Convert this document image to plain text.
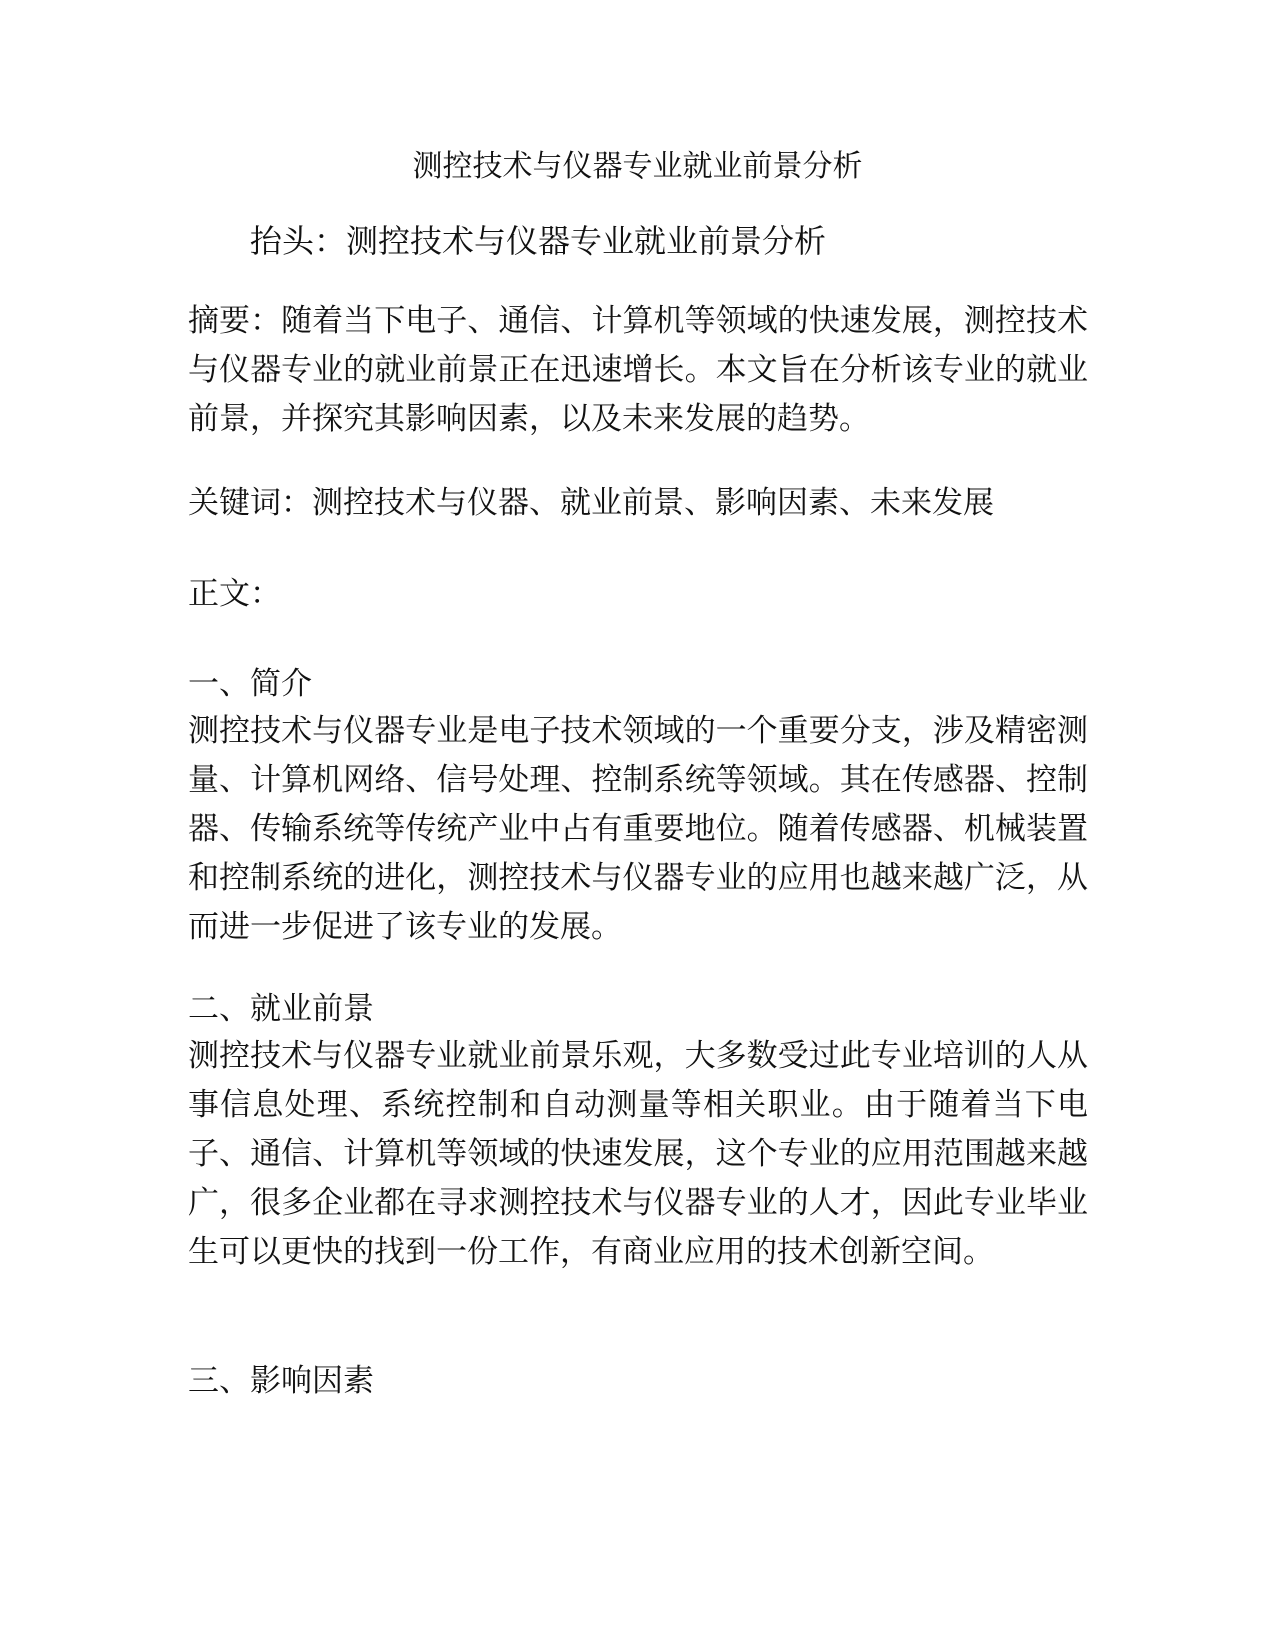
测控技术与仪器专业就业前景分析

抬头：测控技术与仪器专业就业前景分析

摘要：随着当下电子、通信、计算机等领域的快速发展，测控技术与仪器专业的就业前景正在迅速增长。本文旨在分析该专业的就业前景，并探究其影响因素，以及未来发展的趋势。

关键词：测控技术与仪器、就业前景、影响因素、未来发展

正文：

一、简介

测控技术与仪器专业是电子技术领域的一个重要分支，涉及精密测量、计算机网络、信号处理、控制系统等领域。其在传感器、控制器、传输系统等传统产业中占有重要地位。随着传感器、机械装置和控制系统的进化，测控技术与仪器专业的应用也越来越广泛，从而进一步促进了该专业的发展。

二、就业前景

测控技术与仪器专业就业前景乐观，大多数受过此专业培训的人从事信息处理、系统控制和自动测量等相关职业。由于随着当下电子、通信、计算机等领域的快速发展，这个专业的应用范围越来越广，很多企业都在寻求测控技术与仪器专业的人才，因此专业毕业生可以更快的找到一份工作，有商业应用的技术创新空间。

三、影响因素
